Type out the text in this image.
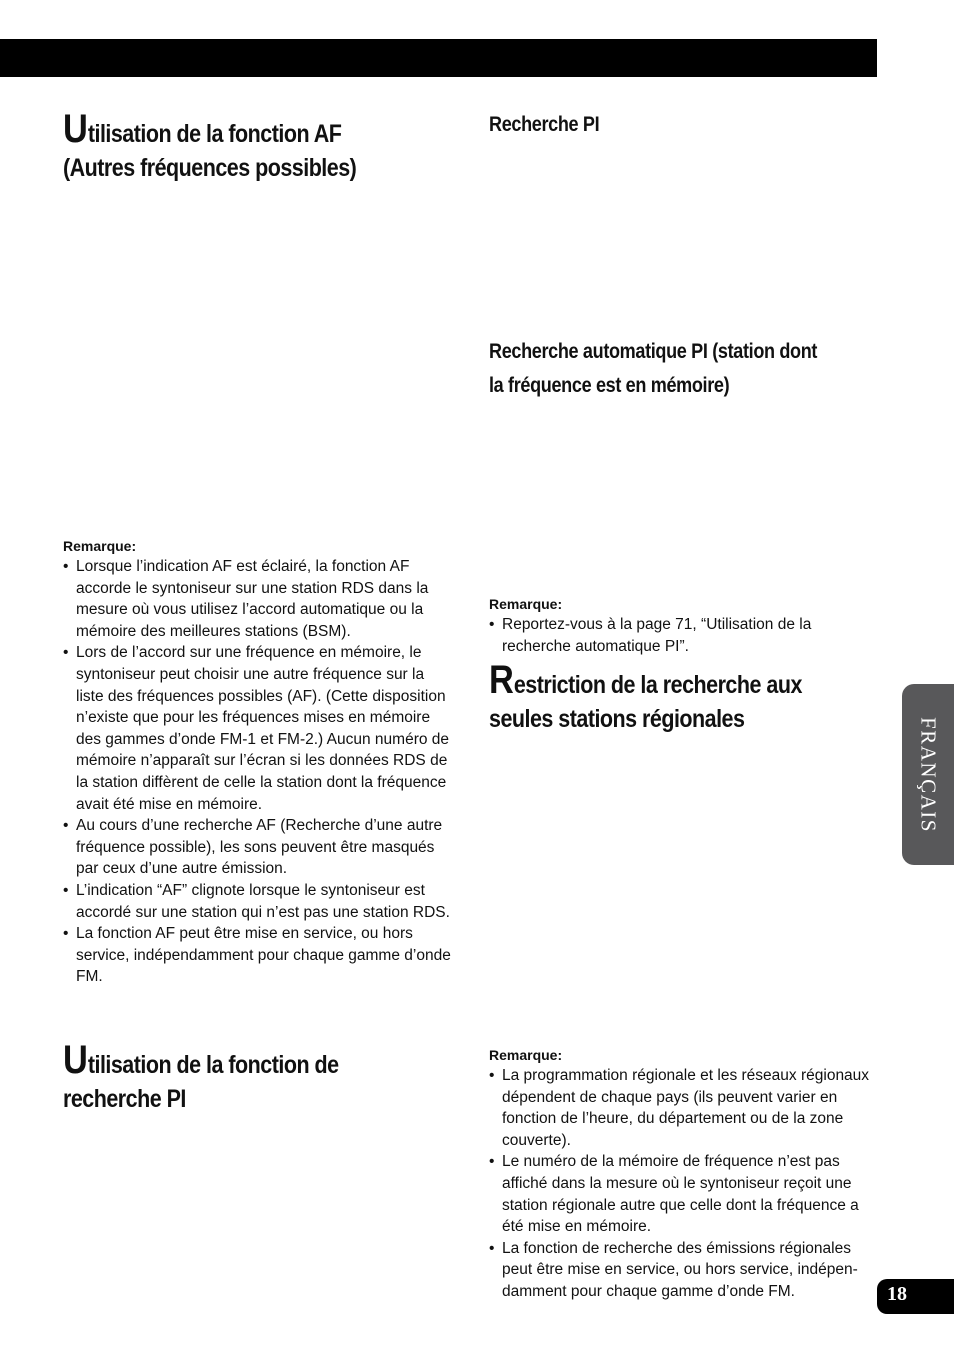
Utilisation de la fonction AF
(Autres fréquences possibles)
Remarque:
• Lorsque l’indication AF est éclairé, la fonction AF accorde le syntoniseur sur une station RDS dans la mesure où vous utilisez l’accord automatique ou la mémoire des meilleures stations (BSM).
• Lors de l’accord sur une fréquence en mémoire, le syntoniseur peut choisir une autre fréquence sur la liste des fréquences possibles (AF). (Cette disposition n’existe que pour les fréquences mises en mémoire des gammes d’onde FM-1 et FM-2.) Aucun numéro de mémoire n’apparaît sur l’écran si les données RDS de la station diffèrent de celle la station dont la fréquence avait été mise en mémoire.
• Au cours d’une recherche AF (Recherche d’une autre fréquence possible), les sons peuvent être masqués par ceux d’une autre émission.
• L’indication “AF” clignote lorsque le syntoniseur est accordé sur une station qui n’est pas une station RDS.
• La fonction AF peut être mise en service, ou hors service, indépendamment pour chaque gamme d’onde FM.
Utilisation de la fonction de
recherche PI
Recherche PI
Recherche automatique PI (station dont
la fréquence est en mémoire)
Remarque:
• Reportez-vous à la page 71, “Utilisation de la recherche automatique PI”.
Restriction de la recherche aux
seules stations régionales
Remarque:
• La programmation régionale et les réseaux régionaux dépendent de chaque pays (ils peuvent varier en fonction de l’heure, du département ou de la zone couverte).
• Le numéro de la mémoire de fréquence n’est pas affiché dans la mesure où le syntoniseur reçoit une station régionale autre que celle dont la fréquence a été mise en mémoire.
• La fonction de recherche des émissions régionales peut être mise en service, ou hors service, indépendamment pour chaque gamme d’onde FM.
FRANÇAIS
18
